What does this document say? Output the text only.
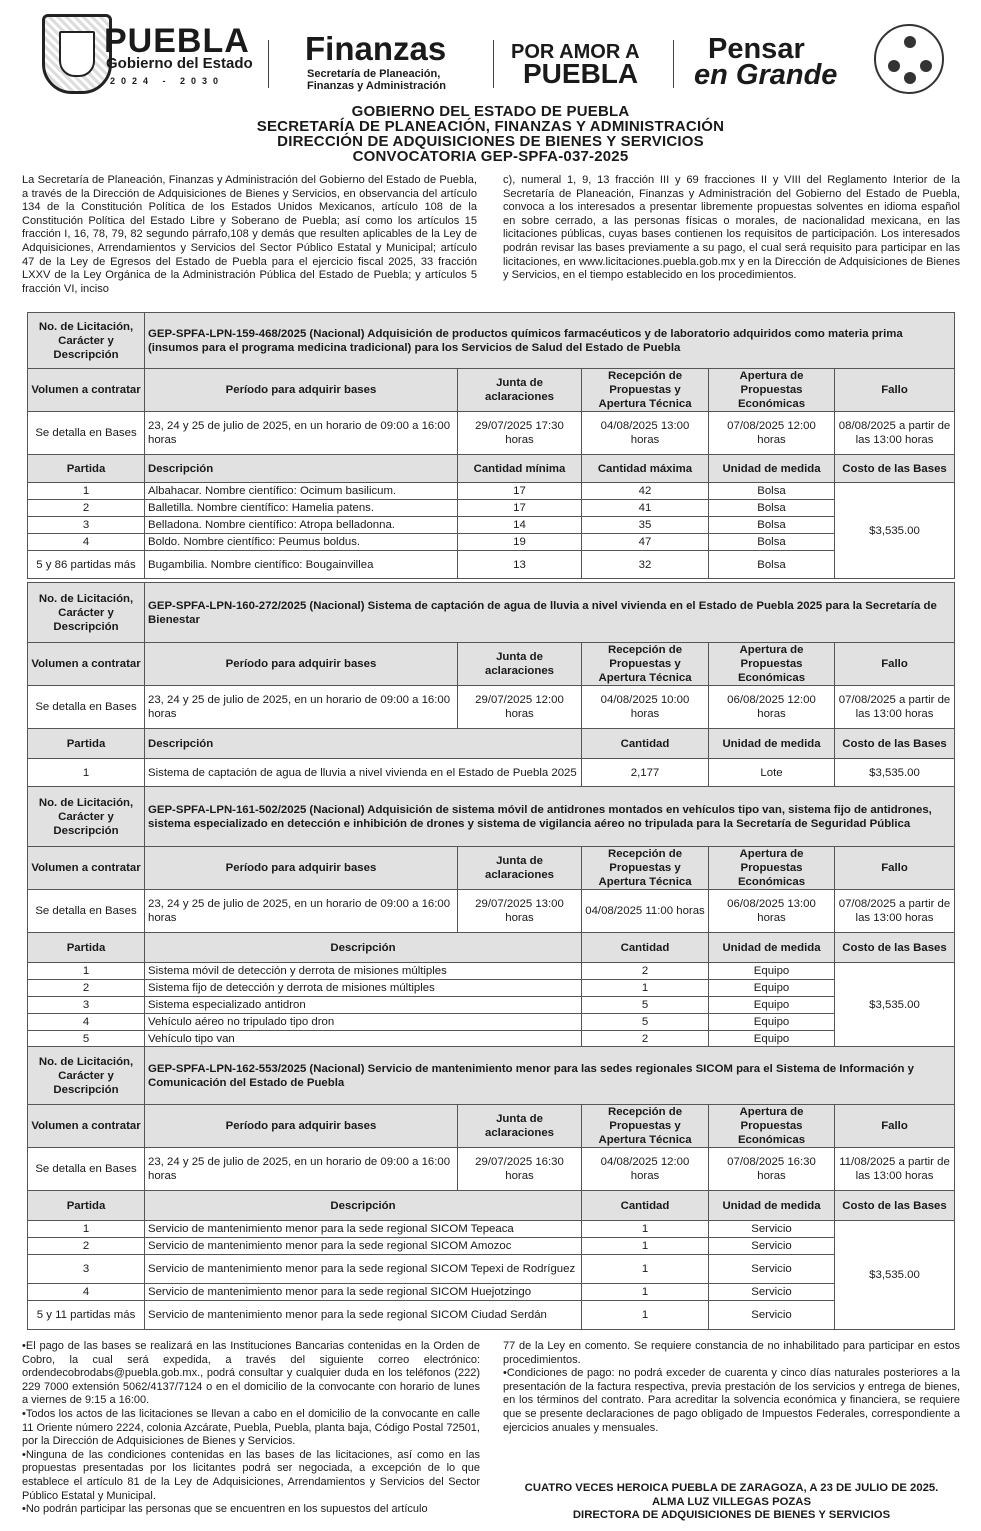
PUEBLA
Gobierno del Estado
2024 - 2030
Finanzas
Secretaría de Planeación, Finanzas y Administración
POR AMOR A
PUEBLA
Pensar
en Grande
GOBIERNO DEL ESTADO DE PUEBLA
SECRETARÍA DE PLANEACIÓN, FINANZAS Y ADMINISTRACIÓN
DIRECCIÓN DE ADQUISICIONES DE BIENES Y SERVICIOS
CONVOCATORIA GEP-SPFA-037-2025
La Secretaría de Planeación, Finanzas y Administración del Gobierno del Estado de Puebla, a través de la Dirección de Adquisiciones de Bienes y Servicios, en observancia del artículo 134 de la Constitución Política de los Estados Unidos Mexicanos, artículo 108 de la Constitución Política del Estado Libre y Soberano de Puebla; así como los artículos 15 fracción I, 16, 78, 79, 82 segundo párrafo,108 y demás que resulten aplicables de la Ley de Adquisiciones, Arrendamientos y Servicios del Sector Público Estatal y Municipal; artículo 47 de la Ley de Egresos del Estado de Puebla para el ejercicio fiscal 2025, 33 fracción LXXV de la Ley Orgánica de la Administración Pública del Estado de Puebla; y artículos 5 fracción VI, inciso
c), numeral 1, 9, 13 fracción III y 69 fracciones II y VIII del Reglamento Interior de la Secretaría de Planeación, Finanzas y Administración del Gobierno del Estado de Puebla, convoca a los interesados a presentar libremente propuestas solventes en idioma español en sobre cerrado, a las personas físicas o morales, de nacionalidad mexicana, en las licitaciones públicas, cuyas bases contienen los requisitos de participación. Los interesados podrán revisar las bases previamente a su pago, el cual será requisito para participar en las licitaciones, en www.licitaciones.puebla.gob.mx y en la Dirección de Adquisiciones de Bienes y Servicios, en el tiempo establecido en los procedimientos.
No. de Licitación, Carácter y Descripción	GEP-SPFA-LPN-159-468/2025 (Nacional) Adquisición de productos químicos farmacéuticos y de laboratorio adquiridos como materia prima (insumos para el programa medicina tradicional) para los Servicios de Salud del Estado de Puebla				
Volumen a contratar	Período para adquirir bases	Junta de aclaraciones	Recepción de Propuestas y Apertura Técnica	Apertura de Propuestas Económicas	Fallo
Se detalla en Bases	23, 24 y 25 de julio de 2025, en un horario de 09:00 a 16:00 horas	29/07/2025 17:30 horas	04/08/2025 13:00 horas	07/08/2025 12:00 horas	08/08/2025 a partir de las 13:00 horas
Partida	Descripción	Cantidad mínima	Cantidad máxima	Unidad de medida	Costo de las Bases
1	Albahacar. Nombre científico: Ocimum basilicum.	17	42	Bolsa	$3,535.00
2	Balletilla. Nombre científico: Hamelia patens.	17	41	Bolsa	
3	Belladona. Nombre científico: Atropa belladonna.	14	35	Bolsa	
4	Boldo. Nombre científico: Peumus boldus.	19	47	Bolsa	
5 y 86 partidas más	Bugambilia. Nombre científico: Bougainvillea	13	32	Bolsa	
No. de Licitación, Carácter y Descripción	GEP-SPFA-LPN-160-272/2025 (Nacional) Sistema de captación de agua de lluvia a nivel vivienda en el Estado de Puebla 2025 para la Secretaría de Bienestar				
Volumen a contratar	Período para adquirir bases	Junta de aclaraciones	Recepción de Propuestas y Apertura Técnica	Apertura de Propuestas Económicas	Fallo
Se detalla en Bases	23, 24 y 25 de julio de 2025, en un horario de 09:00 a 16:00 horas	29/07/2025 12:00 horas	04/08/2025 10:00 horas	06/08/2025 12:00 horas	07/08/2025 a partir de las 13:00 horas
Partida	Descripción		Cantidad	Unidad de medida	Costo de las Bases
1	Sistema de captación de agua de lluvia a nivel vivienda en el Estado de Puebla 2025		2,177	Lote	$3,535.00
No. de Licitación, Carácter y Descripción	GEP-SPFA-LPN-161-502/2025 (Nacional) Adquisición de sistema móvil de antidrones montados en vehículos tipo van, sistema fijo de antidrones, sistema especializado en detección e inhibición de drones y sistema de vigilancia aéreo no tripulada para la Secretaría de Seguridad Pública				
Volumen a contratar	Período para adquirir bases	Junta de aclaraciones	Recepción de Propuestas y Apertura Técnica	Apertura de Propuestas Económicas	Fallo
Se detalla en Bases	23, 24 y 25 de julio de 2025, en un horario de 09:00 a 16:00 horas	29/07/2025 13:00 horas	04/08/2025 11:00 horas	06/08/2025 13:00 horas	07/08/2025 a partir de las 13:00 horas
Partida	Descripción		Cantidad	Unidad de medida	Costo de las Bases
1	Sistema móvil de detección y derrota de misiones múltiples		2	Equipo	$3,535.00
2	Sistema fijo de detección y derrota de misiones múltiples		1	Equipo	
3	Sistema especializado antidron		5	Equipo	
4	Vehículo aéreo no tripulado tipo dron		5	Equipo	
5	Vehículo tipo van		2	Equipo	
No. de Licitación, Carácter y Descripción	GEP-SPFA-LPN-162-553/2025 (Nacional) Servicio de mantenimiento menor para las sedes regionales SICOM para el Sistema de Información y Comunicación del Estado de Puebla				
Volumen a contratar	Período para adquirir bases	Junta de aclaraciones	Recepción de Propuestas y Apertura Técnica	Apertura de Propuestas Económicas	Fallo
Se detalla en Bases	23, 24 y 25 de julio de 2025, en un horario de 09:00 a 16:00 horas	29/07/2025 16:30 horas	04/08/2025 12:00 horas	07/08/2025 16:30 horas	11/08/2025 a partir de las 13:00 horas
Partida	Descripción		Cantidad	Unidad de medida	Costo de las Bases
1	Servicio de mantenimiento menor para la sede regional SICOM Tepeaca		1	Servicio	$3,535.00
2	Servicio de mantenimiento menor para la sede regional SICOM Amozoc		1	Servicio	
3	Servicio de mantenimiento menor para la sede regional SICOM Tepexi de Rodríguez		1	Servicio	
4	Servicio de mantenimiento menor para la sede regional SICOM Huejotzingo		1	Servicio	
5 y 11 partidas más	Servicio de mantenimiento menor para la sede regional SICOM Ciudad Serdán		1	Servicio	

•El pago de las bases se realizará en las Instituciones Bancarias contenidas en la Orden de Cobro, la cual será expedida, a través del siguiente correo electrónico: ordendecobrodabs@puebla.gob.mx., podrá consultar y cualquier duda en los teléfonos (222) 229 7000 extensión 5062/4137/7124 o en el domicilio de la convocante con horario de lunes a viernes de 9:15 a 16:00.

•Todos los actos de las licitaciones se llevan a cabo en el domicilio de la convocante en calle 11 Oriente número 2224, colonia Azcárate, Puebla, Puebla, planta baja, Código Postal 72501, por la Dirección de Adquisiciones de Bienes y Servicios.

•Ninguna de las condiciones contenidas en las bases de las licitaciones, así como en las propuestas presentadas por los licitantes podrá ser negociada, a excepción de lo que establece el artículo 81 de la Ley de Adquisiciones, Arrendamientos y Servicios del Sector Público Estatal y Municipal.

•No podrán participar las personas que se encuentren en los supuestos del artículo

77 de la Ley en comento. Se requiere constancia de no inhabilitado para participar en estos procedimientos.

•Condiciones de pago: no podrá exceder de cuarenta y cinco días naturales posteriores a la presentación de la factura respectiva, previa prestación de los servicios y entrega de bienes, en los términos del contrato. Para acreditar la solvencia económica y financiera, se requiere que se presente declaraciones de pago obligado de Impuestos Federales, correspondiente a ejercicios anuales y mensuales.

CUATRO VECES HEROICA PUEBLA DE ZARAGOZA, A 23 DE JULIO DE 2025.
ALMA LUZ VILLEGAS POZAS
DIRECTORA DE ADQUISICIONES DE BIENES Y SERVICIOS
